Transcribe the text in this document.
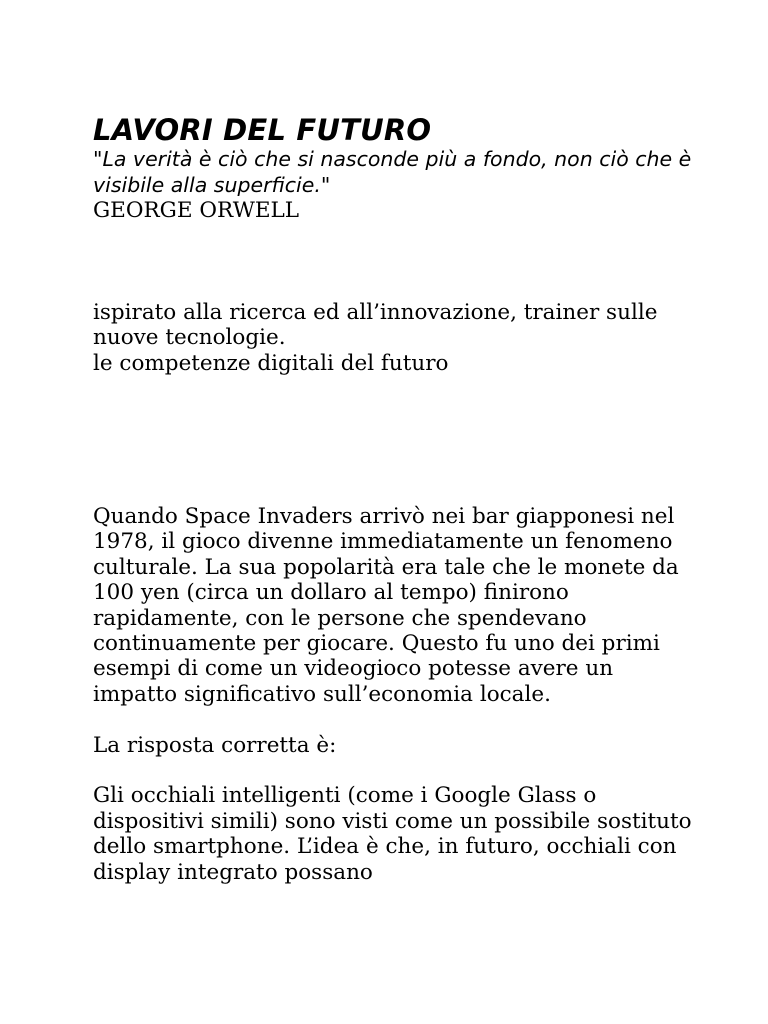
LAVORI DEL FUTURO

"La verità è ciò che si nasconde più a fondo, non ciò che è visibile alla superficie."

GEORGE ORWELL

ispirato alla ricerca ed all’innovazione, trainer sulle nuove tecnologie.

le competenze digitali del futuro

Quando Space Invaders arrivò nei bar giapponesi nel 1978, il gioco divenne immediatamente un fenomeno culturale. La sua popolarità era tale che le monete da 100 yen (circa un dollaro al tempo) finirono rapidamente, con le persone che spendevano continuamente per giocare. Questo fu uno dei primi esempi di come un videogioco potesse avere un impatto significativo sull’economia locale.

La risposta corretta è:

Gli occhiali intelligenti (come i Google Glass o dispositivi simili) sono visti come un possibile sostituto dello smartphone. L’idea è che, in futuro, occhiali con display integrato possano
